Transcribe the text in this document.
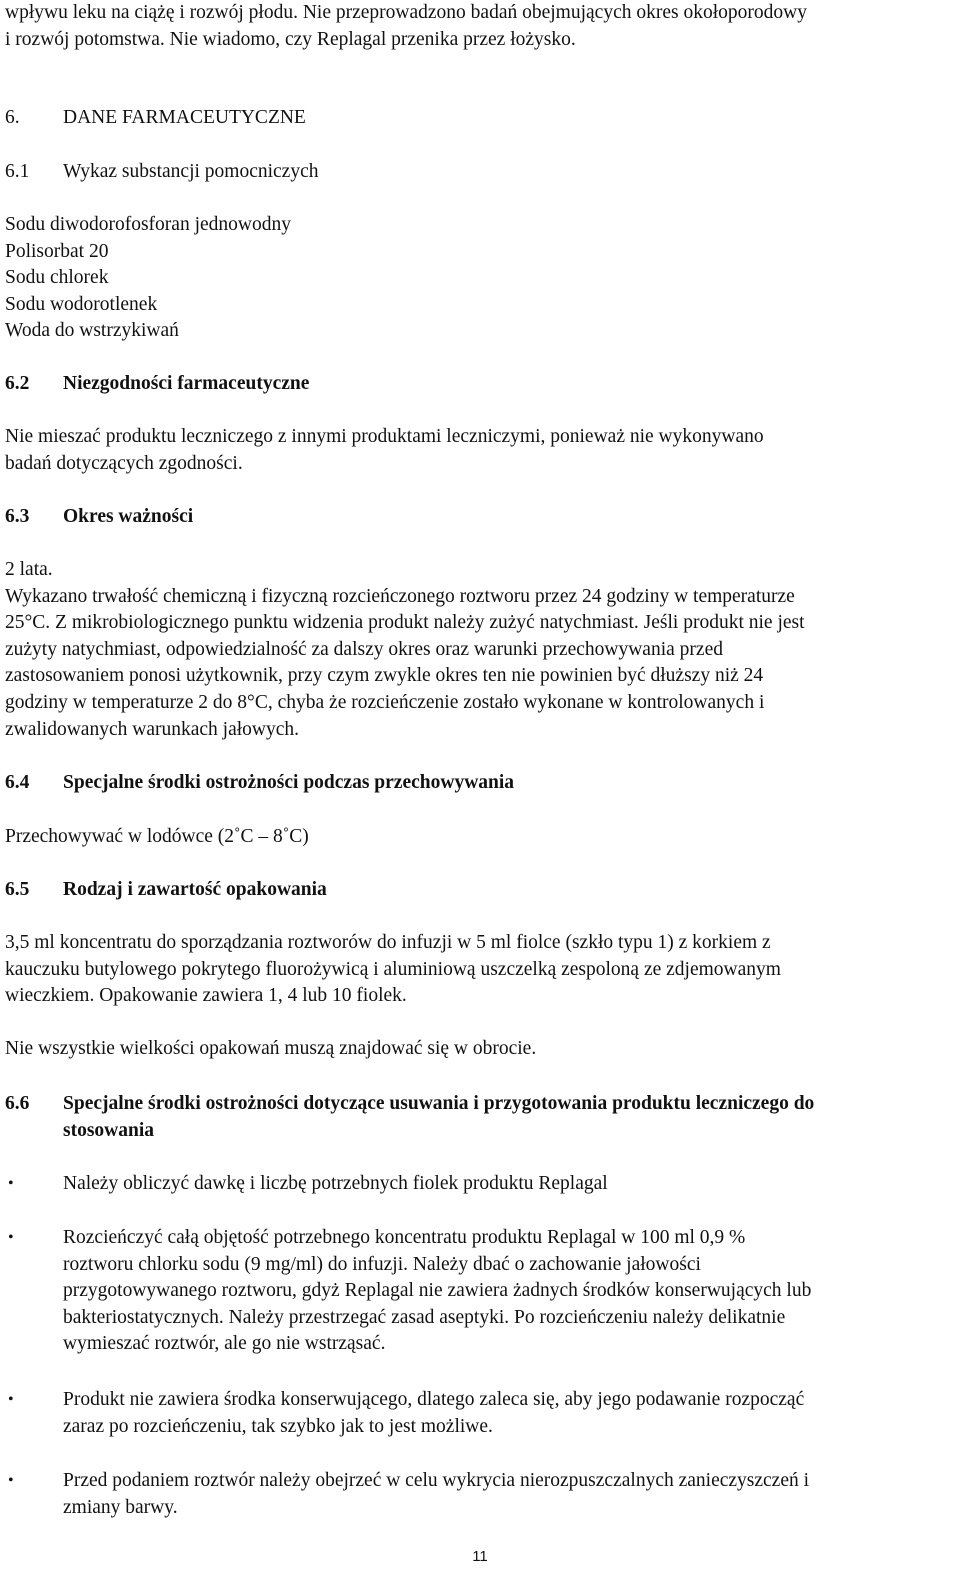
wpływu leku na ciążę i rozwój płodu. Nie przeprowadzono badań obejmujących okres okołoporodowy
i rozwój potomstwa. Nie wiadomo, czy Replagal przenika przez łożysko.
6. DANE FARMACEUTYCZNE
6.1 Wykaz substancji pomocniczych
Sodu diwodorofosforan jednowodny
Polisorbat 20
Sodu chlorek
Sodu wodorotlenek
Woda do wstrzykiwań
6.2 Niezgodności farmaceutyczne
Nie mieszać produktu leczniczego z innymi produktami leczniczymi, ponieważ nie wykonywano
badań dotyczących zgodności.
6.3 Okres ważności
2 lata.
Wykazano trwałość chemiczną i fizyczną rozcieńczonego roztworu przez 24 godziny w temperaturze
25°C. Z mikrobiologicznego punktu widzenia produkt należy zużyć natychmiast. Jeśli produkt nie jest
zużyty natychmiast, odpowiedzialność za dalszy okres oraz warunki przechowywania przed
zastosowaniem ponosi użytkownik, przy czym zwykle okres ten nie powinien być dłuższy niż 24
godziny w temperaturze 2 do 8°C, chyba że rozcieńczenie zostało wykonane w kontrolowanych i
zwalidowanych warunkach jałowych.
6.4 Specjalne środki ostrożności podczas przechowywania
Przechowywać w lodówce (2˚C – 8˚C)
6.5 Rodzaj i zawartość opakowania
3,5 ml koncentratu do sporządzania roztworów do infuzji w 5 ml fiolce (szkło typu 1) z korkiem z
kauczuku butylowego pokrytego fluorożywicą i aluminiową uszczelką zespoloną ze zdjemowanym
wieczkiem. Opakowanie zawiera 1, 4 lub 10 fiolek.
Nie wszystkie wielkości opakowań muszą znajdować się w obrocie.
6.6 Specjalne środki ostrożności dotyczące usuwania i przygotowania produktu leczniczego do
stosowania
•	Należy obliczyć dawkę i liczbę potrzebnych fiolek produktu Replagal
•	Rozcieńczyć całą objętość potrzebnego koncentratu produktu Replagal w 100 ml 0,9 %
roztworu chlorku sodu (9 mg/ml) do infuzji. Należy dbać o zachowanie jałowości
przygotowywanego roztworu, gdyż Replagal nie zawiera żadnych środków konserwujących lub
bakteriostatycznych. Należy przestrzegać zasad aseptyki. Po rozcieńczeniu należy delikatnie
wymieszać roztwór, ale go nie wstrząsać.
•	Produkt nie zawiera środka konserwującego, dlatego zaleca się, aby jego podawanie rozpocząć
zaraz po rozcieńczeniu, tak szybko jak to jest możliwe.
•	Przed podaniem roztwór należy obejrzeć w celu wykrycia nierozpuszczalnych zanieczyszczeń i
zmiany barwy.
11
